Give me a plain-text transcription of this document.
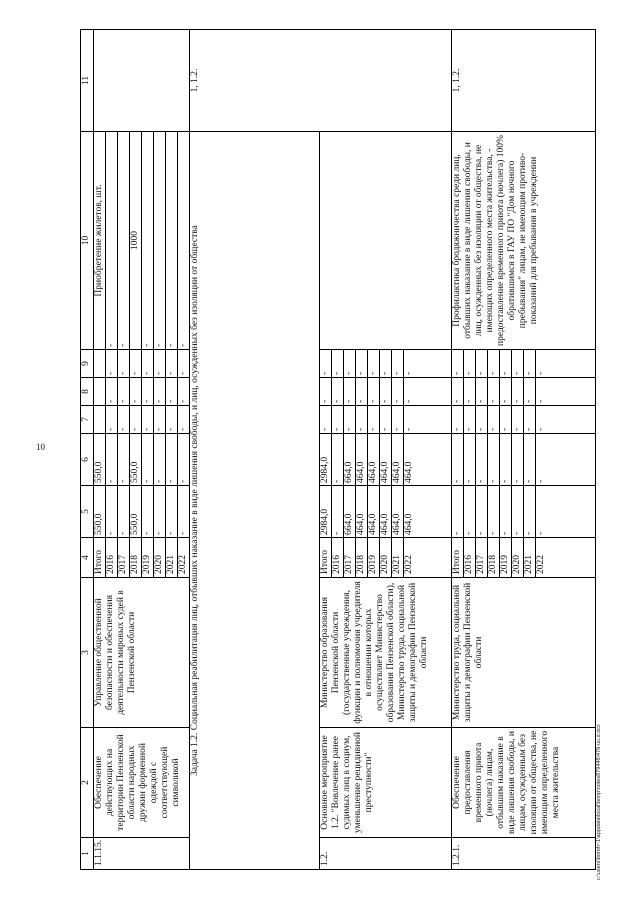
10
1	2	3	4	5	6	7	8	9	10	11
1.1.15.	Обеспечение действующих на территории Пензенской области народных дружин форменной одеждой с соответствующей символикой	Управление общественной безопасности и обеспечения деятельности мировых судей в Пензенской области	Итого	550,0	550,0				Приобретение жилетов, шт.	
			2016	-	-	-	-	-	-	
			2017	-	-	-	-	-	-	
			2018	550,0	550,0	-	-	-	1000	
			2019	-	-	-	-	-	-	
			2020	-	-	-	-	-	-	
			2021	-	-	-	-	-	-	
			2022	-	-	-	-	-	-	
Задача 1.2. Социальная реабилитация лиц, отбывших наказание в виде лишения свободы, и лиц, осужденных без изоляции от общества										1, 1.2.
1.2.	Основное мероприятие 1.2. "Вовлечение ранее судимых лиц в социум, уменьшение рецидивной преступности"	Министерство образования Пензенской области (государственные учреждения, функции и полномочия учредителя в отношении которых осуществляет Министерство образования Пензенской области), Министерство труда, социальной защиты и демографии Пензенской области	Итого	2984,0	2984,0	-	-	-		
			2016	-	-	-	-	-		
			2017	664,0	664,0	-	-	-		
			2018	464,0	464,0	-	-	-		
			2019	464,0	464,0	-	-	-		
			2020	464,0	464,0	-	-	-		
			2021	464,0	464,0	-	-	-		
			2022	464,0	464,0	-	-	-		
1.2.1.	Обеспечение предоставления временного приюта (ночлега) лицам, отбывшим наказание в виде лишения свободы, и лицам, осужденным без изоляции от общества, не имеющим определенного места жительства	Министерство труда, социальной защиты и демографии Пензенской области	Итого	-	-	-	-	-	Профилактика бродяжничества среди лиц, отбывших наказание в виде лишения свободы, и лиц, осужденных без изоляции от общества, не имеющих определенного места жительства, - предоставление временного приюта (ночлега) 100% обратившимся в ГАУ ПО "Дом ночного пребывания" лицам, не имеющим противо-показаний для пребывания в учреждении	1, 1.2.
			2016	-	-	-	-	-		
			2017	-	-	-	-	-		
			2018	-	-	-	-	-		
			2019	-	-	-	-	-		
			2020	-	-	-	-	-		
			2021	-	-	-	-	-		
			2022	-	-	-	-	-		
c:\users\boroh~1\appdata\local\temp\notes879448\478-uu.d.ocx
